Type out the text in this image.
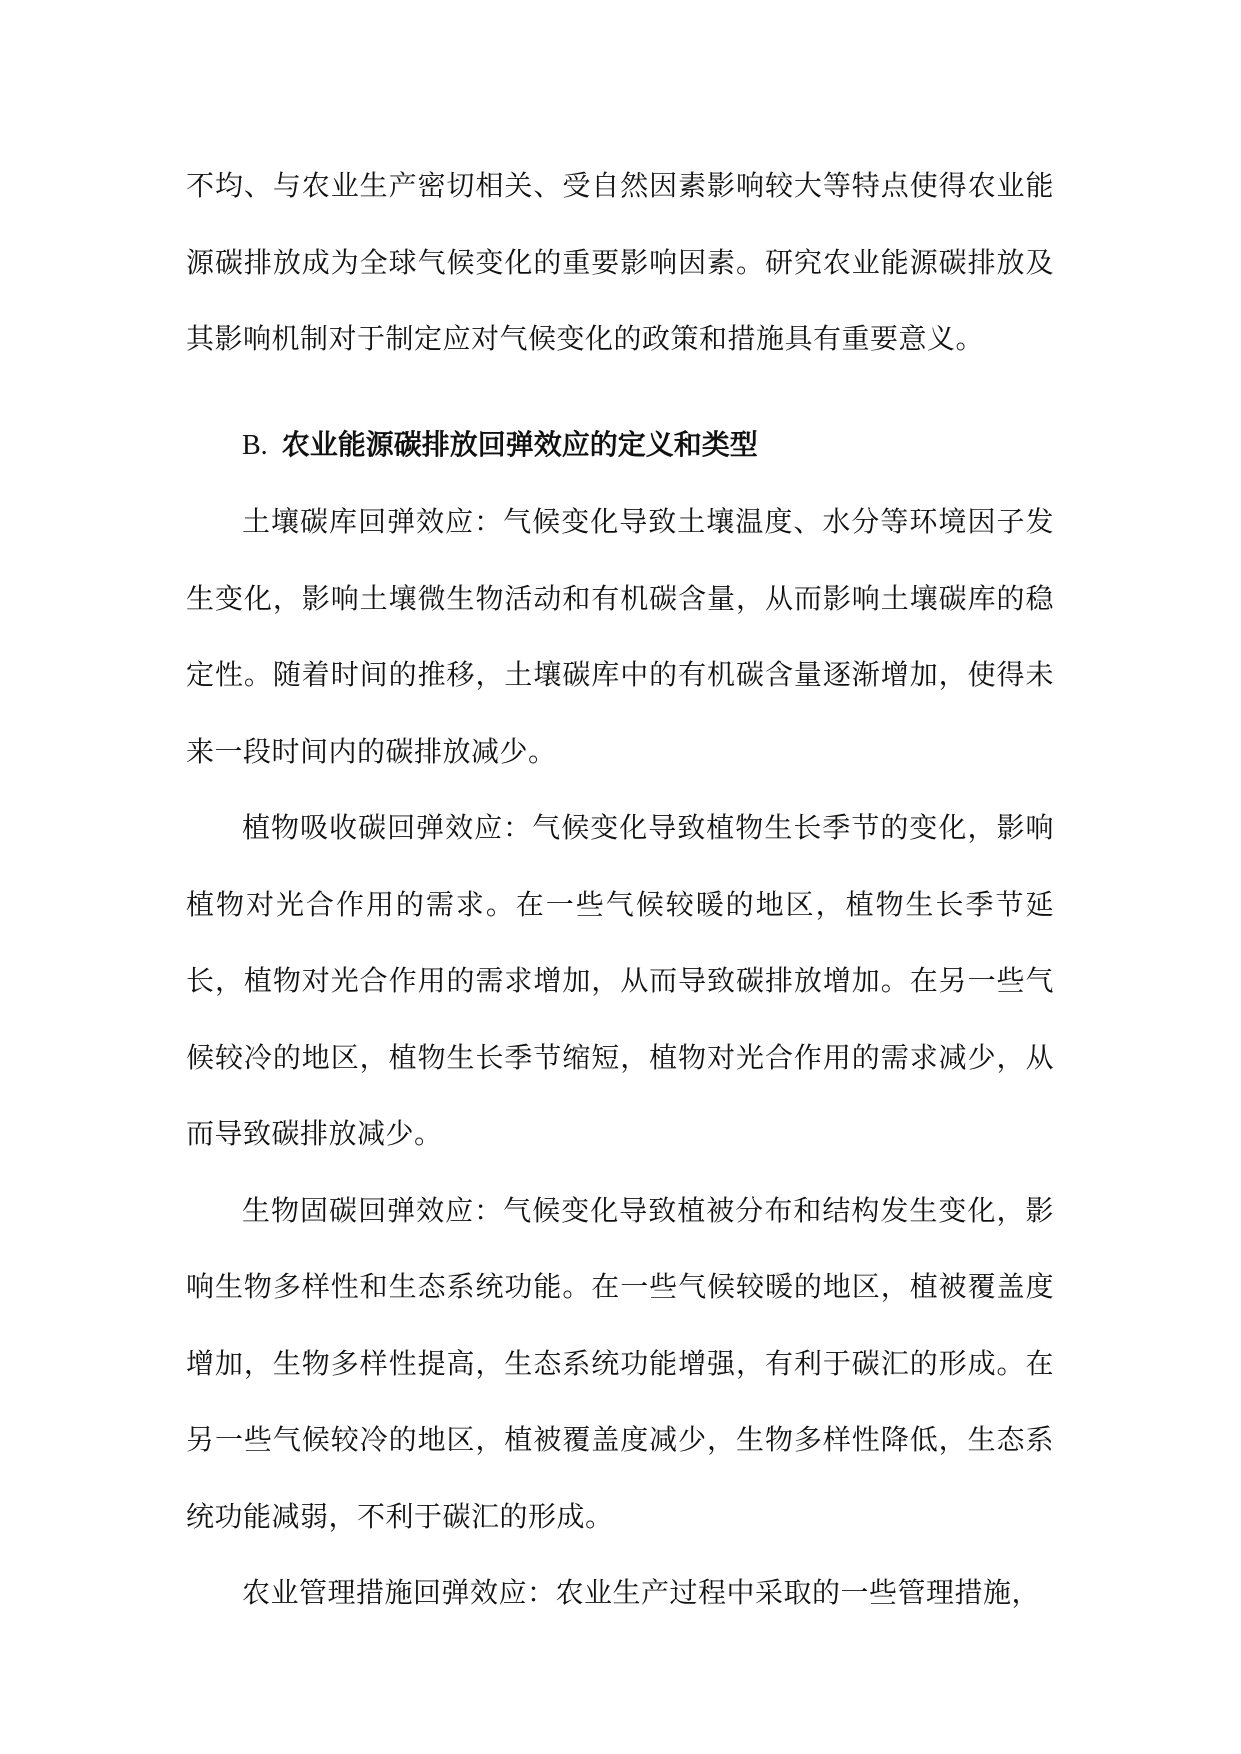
不均、与农业生产密切相关、受自然因素影响较大等特点使得农业能源碳排放成为全球气候变化的重要影响因素。研究农业能源碳排放及其影响机制对于制定应对气候变化的政策和措施具有重要意义。

B. 农业能源碳排放回弹效应的定义和类型

土壤碳库回弹效应：气候变化导致土壤温度、水分等环境因子发生变化，影响土壤微生物活动和有机碳含量，从而影响土壤碳库的稳定性。随着时间的推移，土壤碳库中的有机碳含量逐渐增加，使得未来一段时间内的碳排放减少。

植物吸收碳回弹效应：气候变化导致植物生长季节的变化，影响植物对光合作用的需求。在一些气候较暖的地区，植物生长季节延长，植物对光合作用的需求增加，从而导致碳排放增加。在另一些气候较冷的地区，植物生长季节缩短，植物对光合作用的需求减少，从而导致碳排放减少。

生物固碳回弹效应：气候变化导致植被分布和结构发生变化，影响生物多样性和生态系统功能。在一些气候较暖的地区，植被覆盖度增加，生物多样性提高，生态系统功能增强，有利于碳汇的形成。在另一些气候较冷的地区，植被覆盖度减少，生物多样性降低，生态系统功能减弱，不利于碳汇的形成。

农业管理措施回弹效应：农业生产过程中采取的一些管理措施，
